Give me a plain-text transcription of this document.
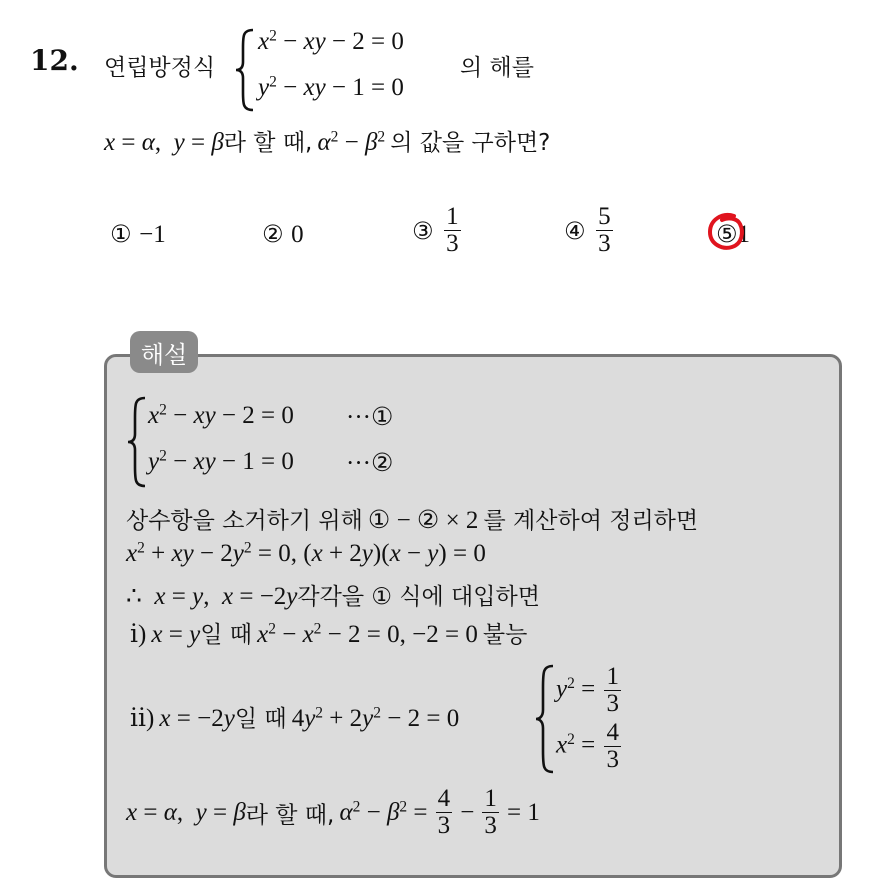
12. 연립방정식
$x^2$ − xy − 2 = 0
$y^2$ − xy − 1 = 0
의 해를
x = α,  y = β라 할 때, $\alpha^2 - \beta^2$ 의 값을 구하면?
① −1	② 0	③ $\frac{1}{3}$	④ $\frac{5}{3}$	⑤1
해설
$x^2$ − xy − 2 = 0 ···①
$y^2$ − xy − 1 = 0 ···②
상수항을 소거하기 위해 ① − ② × 2 를 계산하여 정리하면
$x^2$ + xy − $2y^2 = 0$, (x + 2y)(x − y) = 0
∴  x = y,  x = −2y각각을 ① 식에 대입하면
ⅰ) x = y일 때 $x^2 - x^2 - 2 = 0$, −2 = 0 불능
ⅱ) x = −2y일 때 $4y^2 + 2y^2 - 2 = 0$
$y^2 = \frac{1}{3}$
$x^2 = \frac{4}{3}$
x = α,  y = β라 할 때, $\alpha^2 - \beta^2 = \frac{4}{3} - \frac{1}{3} = 1$
